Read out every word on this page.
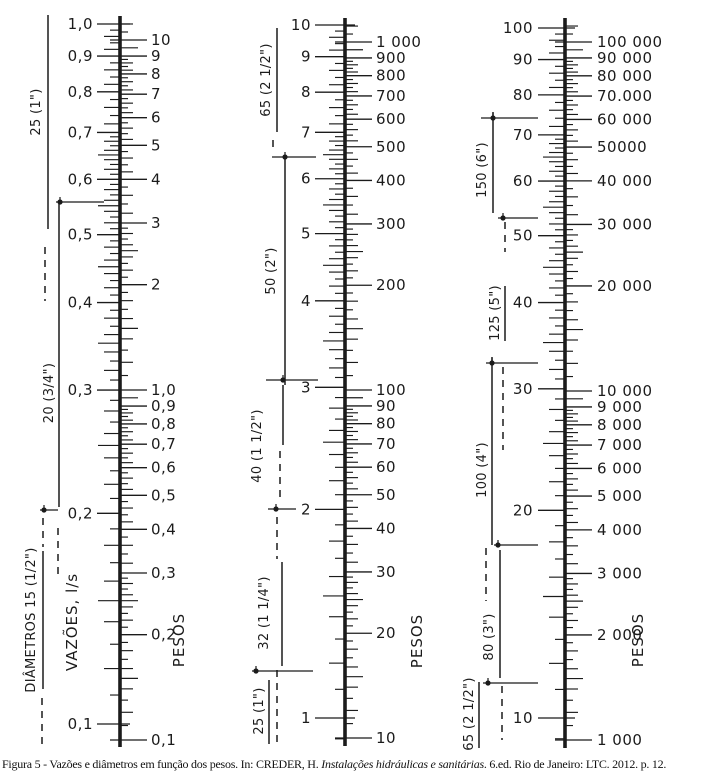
1,0
0,9
0,8
0,7
0,6
0,5
0,4
0,3
0,2
0,1
10
9
8
7
6
5
4
3
2
1,0
0,9
0,8
0,7
0,6
0,5
0,4
0,3
0,2
0,1
25 (1")
20 (3/4")
DIÂMETROS 15 (1/2") VAZÕES, l/s	PESOS
10
9
8
7
6
5
4
3
2
1
1 000
900
800
700
600
500
400
300
200
100
90
80
70
60
50
40
30
20
10
65 (2 1/2")
50 (2")
40 (1 1/2")
32 (1 1/4")
25 (1")
PESOS
100
90
80
70
60
50
40
30
20
10
100 000
90 000
80 000
70.000
60 000
50000
40 000
30 000
20 000
10 000
9 000
8 000
7 000
6 000
5 000
4 000
3 000
2 000
1 000
150 (6")
125 (5")
100 (4")
80 (3")
65 (2 1/2")
PESOS
Figura 5 - Vazões e diâmetros em função dos pesos. In: CREDER, H. Instalações hidráulicas e sanitárias. 6.ed. Rio de Janeiro: LTC. 2012. p. 12.
